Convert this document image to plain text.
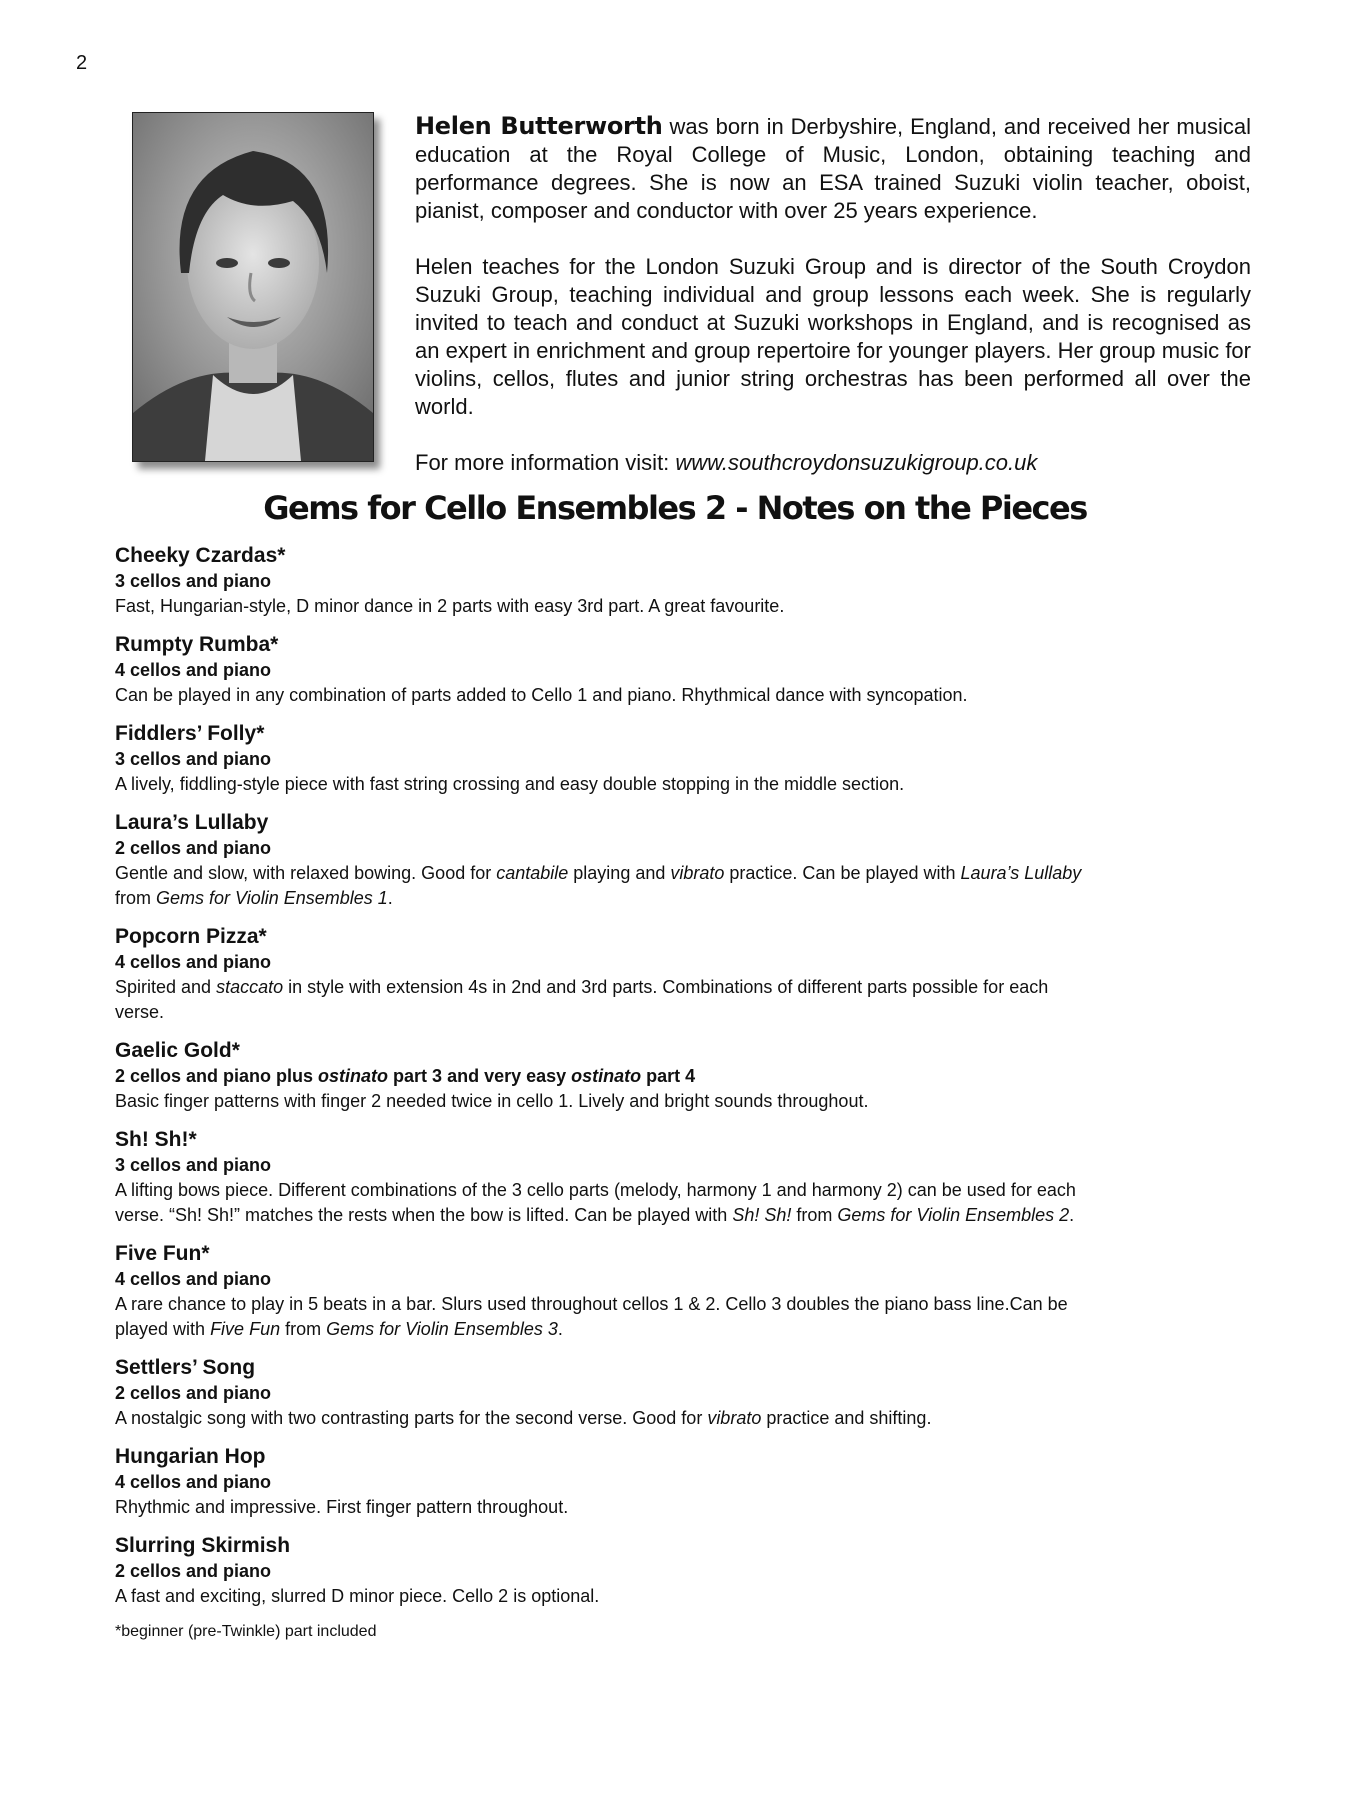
2

Helen Butterworth was born in Derbyshire, England, and received her musical education at the Royal College of Music, London, obtaining teaching and performance degrees. She is now an ESA trained Suzuki violin teacher, oboist, pianist, composer and conductor with over 25 years experience.

Helen teaches for the London Suzuki Group and is director of the South Croydon Suzuki Group, teaching individual and group lessons each week. She is regularly invited to teach and conduct at Suzuki workshops in England, and is recognised as an expert in enrichment and group repertoire for younger players. Her group music for violins, cellos, flutes and junior string orchestras has been performed all over the world.

For more information visit: www.southcroydonsuzukigroup.co.uk

Gems for Cello Ensembles 2 - Notes on the Pieces
Cheeky Czardas*
3 cellos and piano
Fast, Hungarian-style, D minor dance in 2 parts with easy 3rd part. A great favourite.
Rumpty Rumba*
4 cellos and piano
Can be played in any combination of parts added to Cello 1 and piano. Rhythmical dance with syncopation.
Fiddlers’ Folly*
3 cellos and piano
A lively, fiddling-style piece with fast string crossing and easy double stopping in the middle section.
Laura’s Lullaby
2 cellos and piano
Gentle and slow, with relaxed bowing. Good for cantabile playing and vibrato practice. Can be played with Laura’s Lullaby
from Gems for Violin Ensembles 1.
Popcorn Pizza*
4 cellos and piano
Spirited and staccato in style with extension 4s in 2nd and 3rd parts. Combinations of different parts possible for each
verse.
Gaelic Gold*
2 cellos and piano plus ostinato part 3 and very easy ostinato part 4
Basic finger patterns with finger 2 needed twice in cello 1. Lively and bright sounds throughout.
Sh! Sh!*
3 cellos and piano
A lifting bows piece. Different combinations of the 3 cello parts (melody, harmony 1 and harmony 2) can be used for each
verse. “Sh! Sh!” matches the rests when the bow is lifted. Can be played with Sh! Sh! from Gems for Violin Ensembles 2.
Five Fun*
4 cellos and piano
A rare chance to play in 5 beats in a bar. Slurs used throughout cellos 1 & 2. Cello 3 doubles the piano bass line.Can be
played with Five Fun from Gems for Violin Ensembles 3.
Settlers’ Song
2 cellos and piano
A nostalgic song with two contrasting parts for the second verse. Good for vibrato practice and shifting.
Hungarian Hop
4 cellos and piano
Rhythmic and impressive. First finger pattern throughout.
Slurring Skirmish
2 cellos and piano
A fast and exciting, slurred D minor piece. Cello 2 is optional.
*beginner (pre-Twinkle) part included
